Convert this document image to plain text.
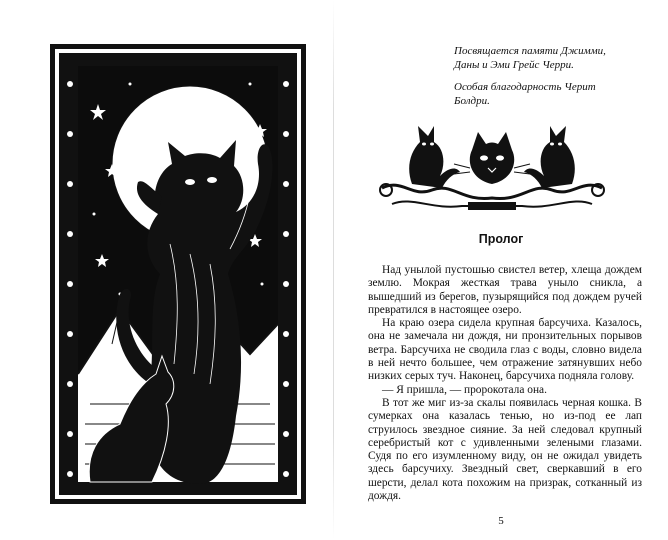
Посвящается памяти Джимми,

Даны и Эми Грейс Черри.

Особая благодарность Черит

Болдри.

Пролог

Над унылой пустошью свистел ветер, хлеща дождем землю. Мокрая жесткая трава уныло сникла, а вышедший из берегов, пузырящийся под дождем ручей превратился в настоящее озеро.

На краю озера сидела крупная барсучиха. Казалось, она не замечала ни дождя, ни пронзительных порывов ветра. Барсучиха не сводила глаз с воды, словно видела в ней нечто большее, чем отражение затянувших небо низких серых туч. Наконец, барсучиха подняла голову.

— Я пришла, — пророкотала она.

В тот же миг из-за скалы появилась черная кошка. В сумерках она казалась тенью, но из-под ее лап струилось звездное сияние. За ней следовал крупный серебристый кот с удивленными зелеными глазами. Судя по его изумленному виду, он не ожидал увидеть здесь барсучиху. Звездный свет, сверкавший в его шерсти, делал кота похожим на призрак, сотканный из дождя.

5
